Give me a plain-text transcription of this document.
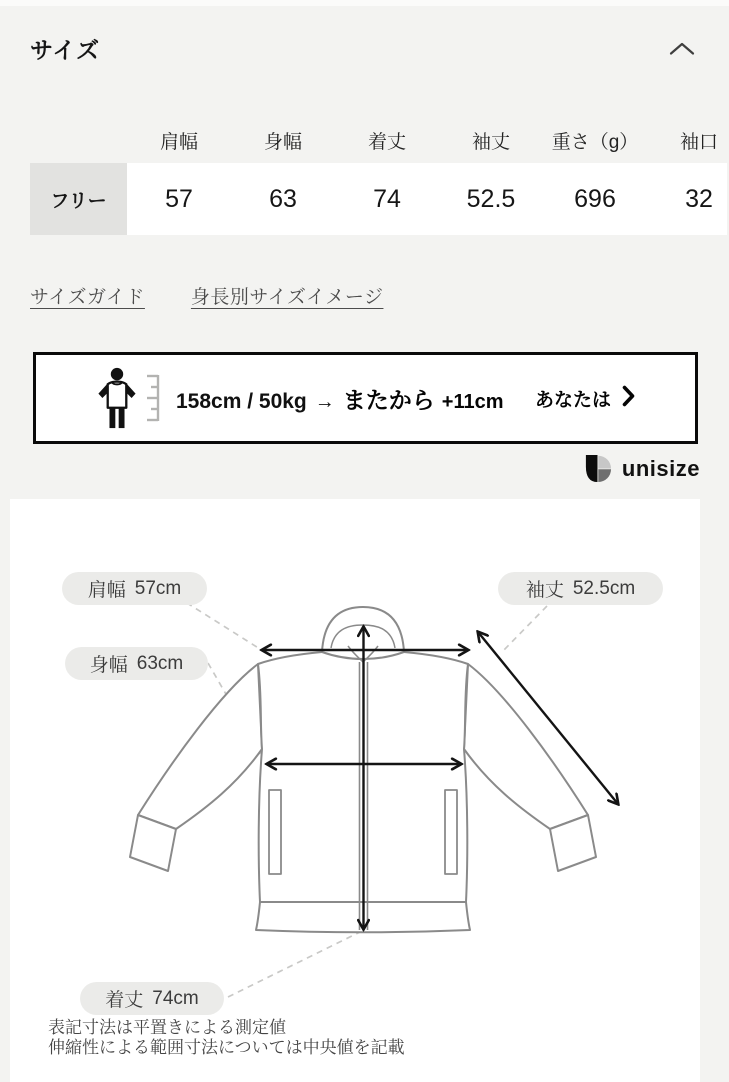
サイズ
	肩幅	身幅	着丈	袖丈	重さ（g）	袖口
フリー	57	63	74	52.5	696	32
サイズガイド 身長別サイズイメージ
158cm / 50kg → またから +11cm あなたは
unisize
肩幅 57cm	袖丈 52.5cm
身幅 63cm
着丈 74cm
表記寸法は平置きによる測定値
伸縮性による範囲寸法については中央値を記載
